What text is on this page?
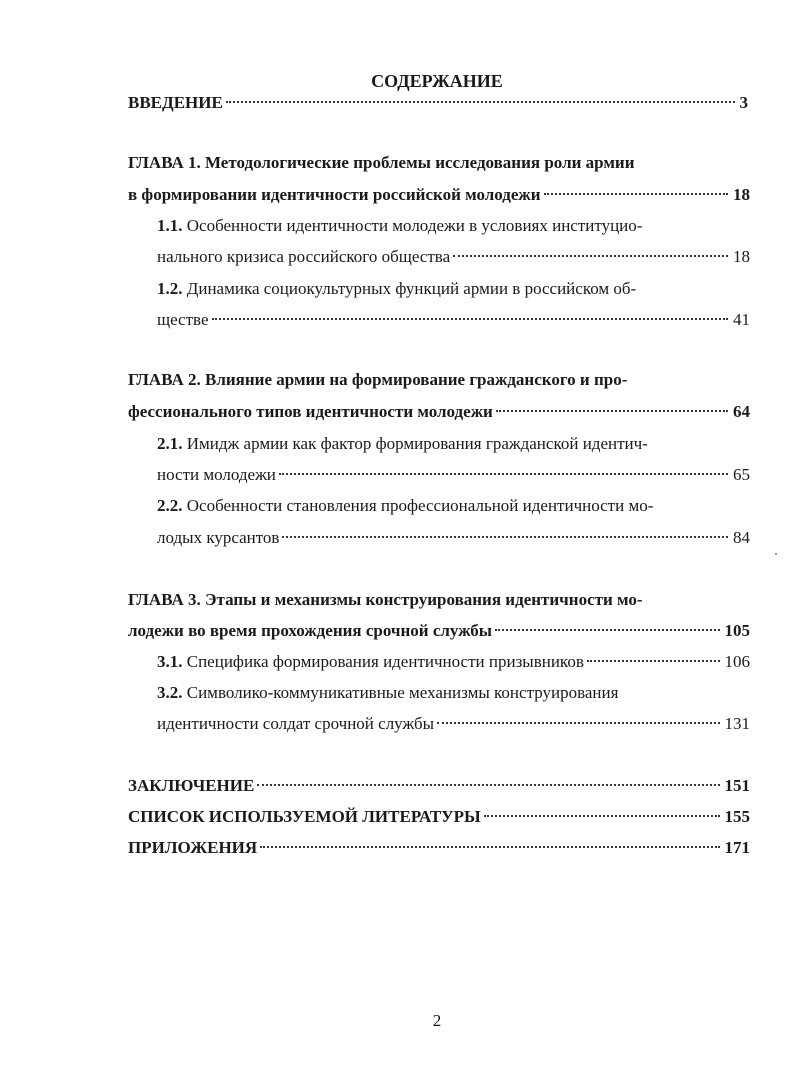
СОДЕРЖАНИЕ
ВВЕДЕНИЕ	3
ГЛАВА 1. Методологические проблемы исследования роли армии
в формировании идентичности российской молодежи	18
1.1. Особенности идентичности молодежи в условиях институцио-
нального кризиса российского общества	18
1.2. Динамика социокультурных функций армии в российском об-
ществе	41
ГЛАВА 2. Влияние армии на формирование гражданского и про-
фессионального типов идентичности молодежи	64
2.1. Имидж армии как фактор формирования гражданской идентич-
ности молодежи	65
2.2. Особенности становления профессиональной идентичности мо-
лодых курсантов	84
ГЛАВА 3. Этапы и механизмы конструирования идентичности мо-
лодежи во время прохождения срочной службы	105
3.1. Специфика формирования идентичности призывников	106
3.2. Символико-коммуникативные механизмы конструирования
идентичности солдат срочной службы	131
ЗАКЛЮЧЕНИЕ	151
СПИСОК ИСПОЛЬЗУЕМОЙ ЛИТЕРАТУРЫ	155
ПРИЛОЖЕНИЯ	171
2
